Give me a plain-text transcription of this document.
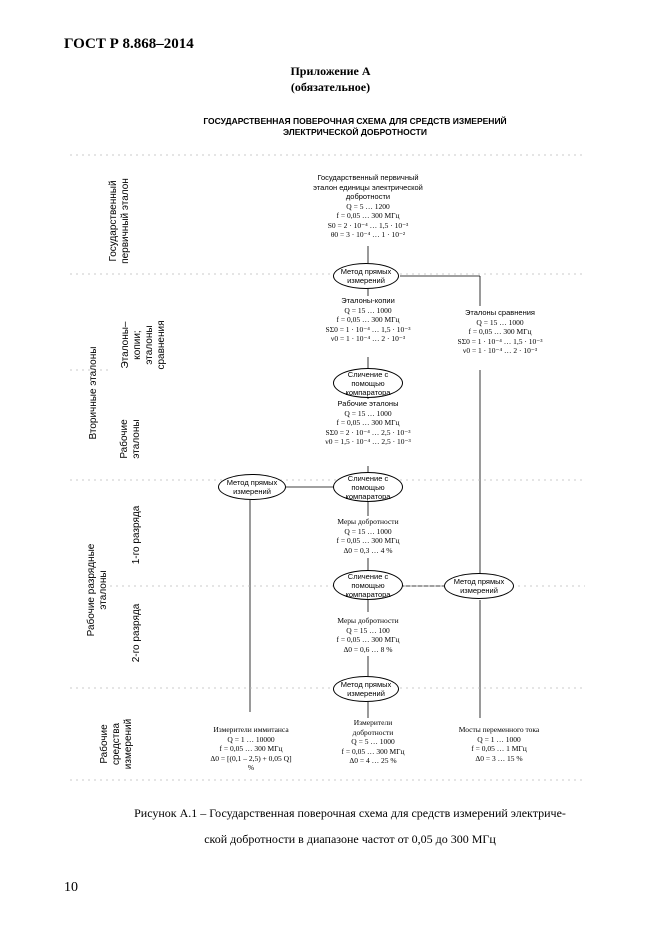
ГОСТ Р 8.868–2014
Приложение А
(обязательное)
ГОСУДАРСТВЕННАЯ ПОВЕРОЧНАЯ СХЕМА ДЛЯ СРЕДСТВ ИЗМЕРЕНИЙ
ЭЛЕКТРИЧЕСКОЙ ДОБРОТНОСТИ
Государственный первичный эталон
Вторичные эталоны
Эталоны– копии; эталоны сравнения
Рабочие эталоны
Рабочие разрядные эталоны
1-го разряда
2-го разряда
Рабочие средства измерений
Государственный первичный
эталон единицы электрической
добротности
Q = 5 … 1200
f = 0,05 … 300 МГц
S0 = 2 · 10⁻⁴ … 1,5 · 10⁻³
θ0 = 3 · 10⁻⁴ … 1 · 10⁻²
Метод прямых измерений
Эталоны-копии
Q = 15 … 1000
f = 0,05 … 300 МГц
SΣ0 = 1 · 10⁻⁴ … 1,5 · 10⁻³
ν0 = 1 · 10⁻⁴ … 2 · 10⁻³
Эталоны сравнения
Q = 15 … 1000
f = 0,05 … 300 МГц
SΣ0 = 1 · 10⁻⁴ … 1,5 · 10⁻³
ν0 = 1 · 10⁻⁴ … 2 · 10⁻³
Сличение с помощью компаратора
Рабочие эталоны
Q = 15 … 1000
f = 0,05 … 300 МГц
SΣ0 = 2 · 10⁻⁴ … 2,5 · 10⁻³
ν0 = 1,5 · 10⁻⁴ … 2,5 · 10⁻³
Метод прямых измерений
Сличение с помощью компаратора
Меры добротности
Q = 15 … 1000
f = 0,05 … 300 МГц
Δ0 = 0,3 … 4 %
Сличение с помощью компаратора
Метод прямых измерений
Меры добротности
Q = 15 … 100
f = 0,05 … 300 МГц
Δ0 = 0,6 … 8 %
Метод прямых измерений
Измерители иммитанса
Q = 1 … 10000
f = 0,05 … 300 МГц
Δ0 = [(0,1 – 2,5) + 0,05 Q]
%
Измерители
добротности
Q = 5 … 1000
f = 0,05 … 300 МГц
Δ0 = 4 … 25 %
Мосты переменного тока
Q = 1 … 1000
f = 0,05 … 1 МГц
Δ0 = 3 … 15 %
Рисунок А.1 – Государственная поверочная схема для средств измерений электриче-
ской добротности в диапазоне частот от 0,05 до 300 МГц
10
